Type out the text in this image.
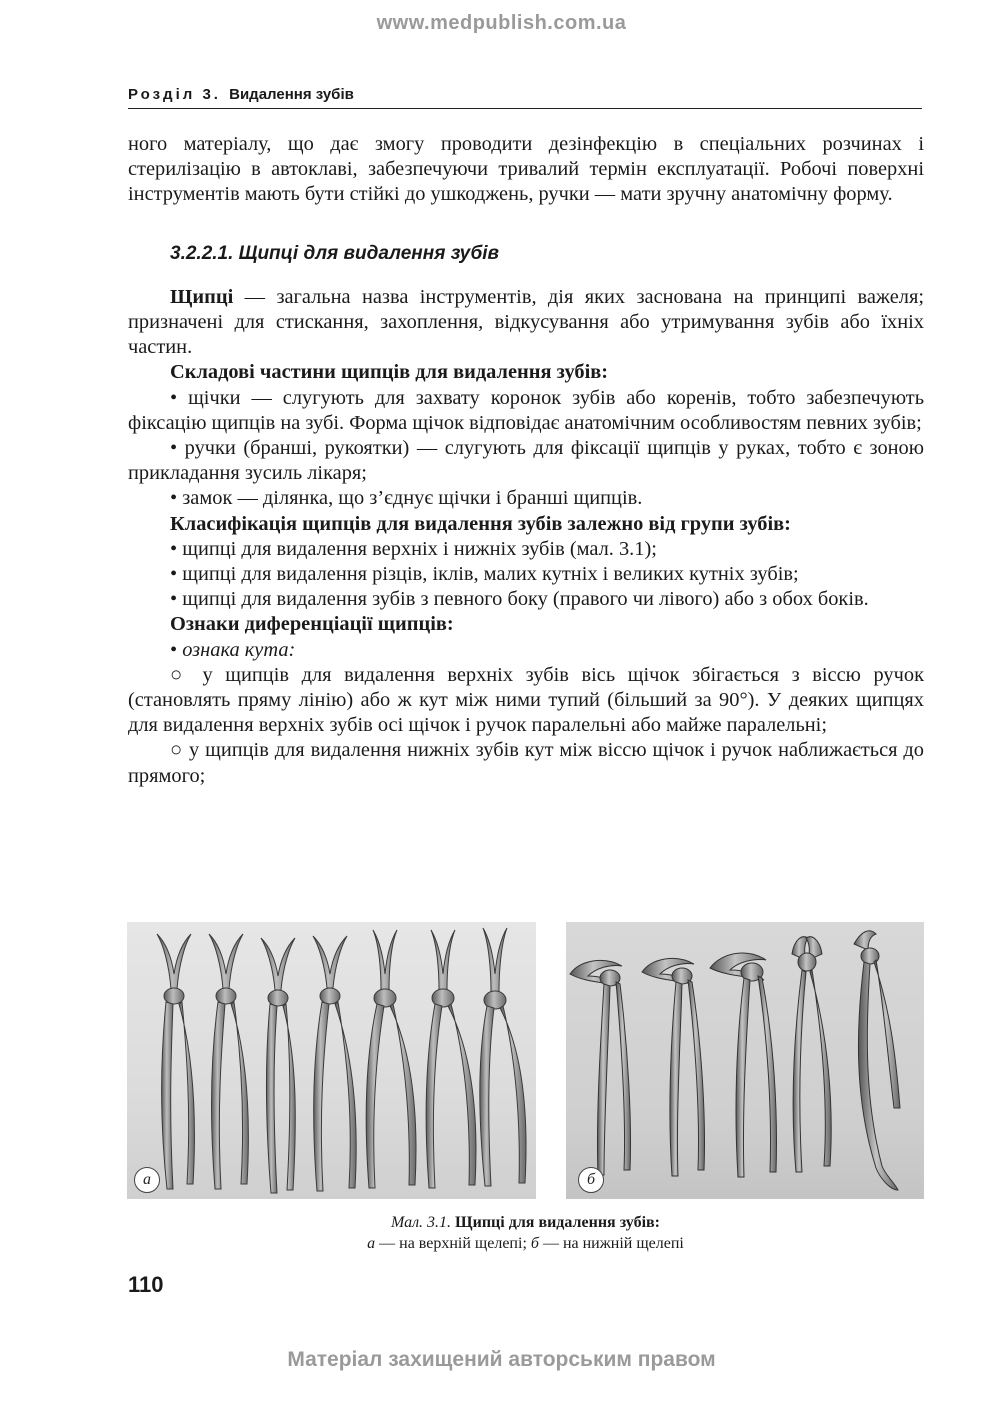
www.medpublish.com.ua
Розділ 3. Видалення зубів

ного матеріалу, що дає змогу проводити дезінфекцію в спеціальних розчинах і стерилізацію в автоклаві, забезпечуючи тривалий термін експлуатації. Робочі поверхні інструментів мають бути стійкі до ушкоджень, ручки — мати зручну анатомічну форму.

3.2.2.1. Щипці для видалення зубів

Щипці — загальна назва інструментів, дія яких заснована на принципі важеля; призначені для стискання, захоплення, відкусування або утримування зубів або їхніх частин.

Складові частини щипців для видалення зубів:

• щічки — слугують для захвату коронок зубів або коренів, тобто забезпечують фіксацію щипців на зубі. Форма щічок відповідає анатомічним особливостям певних зубів;

• ручки (бранші, рукоятки) — слугують для фіксації щипців у руках, тобто є зоною прикладання зусиль лікаря;

• замок — ділянка, що з’єднує щічки і бранші щипців.

Класифікація щипців для видалення зубів залежно від групи зубів:

• щипці для видалення верхніх і нижніх зубів (мал. 3.1);

• щипці для видалення різців, іклів, малих кутніх і великих кутніх зубів;

• щипці для видалення зубів з певного боку (правого чи лівого) або з обох боків.

Ознаки диференціації щипців:

• ознака кута:

○ у щипців для видалення верхніх зубів вісь щічок збігається з віссю ручок (становлять пряму лінію) або ж кут між ними тупий (більший за 90°). У деяких щипцях для видалення верхніх зубів осі щічок і ручок паралельні або майже паралельні;

○ у щипців для видалення нижніх зубів кут між віссю щічок і ручок наближається до прямого;

а	б
Мал. 3.1. Щипці для видалення зубів:
а — на верхній щелепі; б — на нижній щелепі
110
Матеріал захищений авторським правом
